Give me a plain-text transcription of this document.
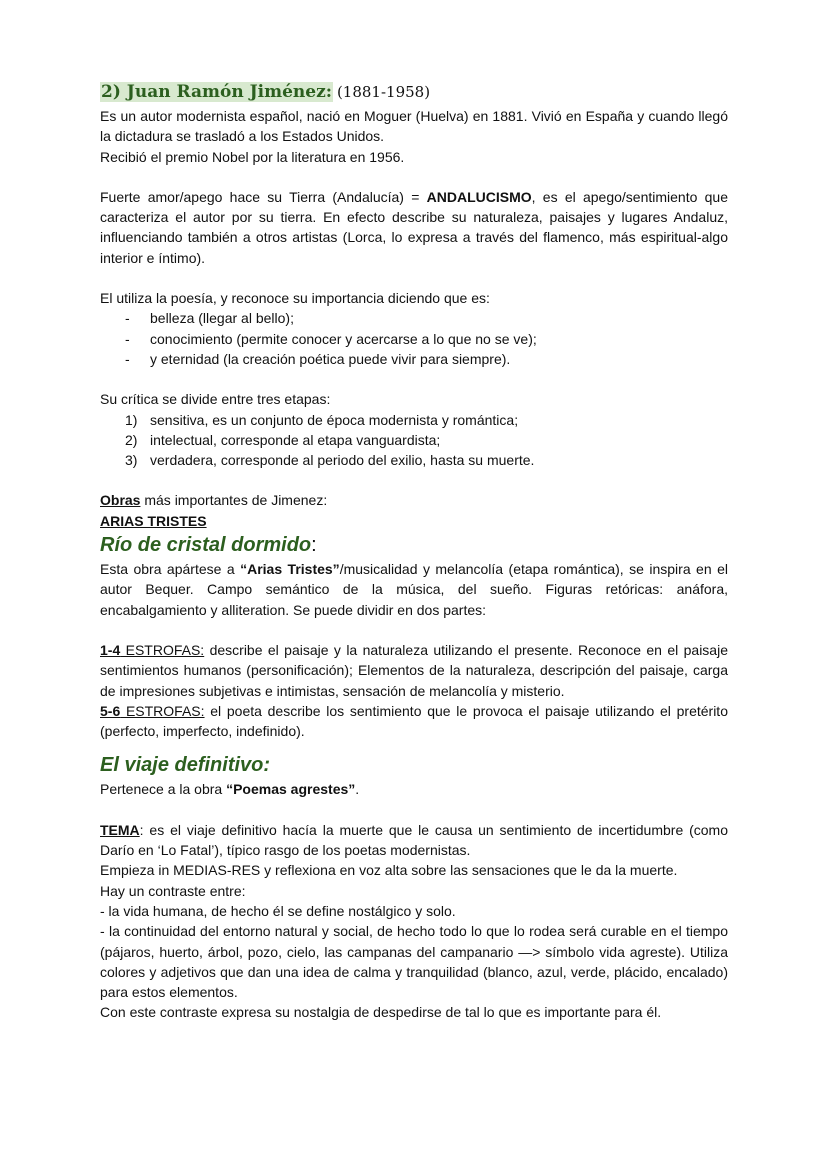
2) Juan Ramón Jiménez: (1881-1958)

Es un autor modernista español, nació en Moguer (Huelva) en 1881. Vivió en España y cuando llegó la dictadura se trasladó a los Estados Unidos.

Recibió el premio Nobel por la literatura en 1956.

Fuerte amor/apego hace su Tierra (Andalucía) = ANDALUCISMO, es el apego/sentimiento que caracteriza el autor por su tierra. En efecto describe su naturaleza, paisajes y lugares Andaluz, influenciando también a otros artistas (Lorca, lo expresa a través del flamenco, más espiritual-algo interior e íntimo).

El utiliza la poesía, y reconoce su importancia diciendo que es:

- belleza (llegar al bello);
- conocimiento (permite conocer y acercarse a lo que no se ve);
- y eternidad (la creación poética puede vivir para siempre).

Su crítica se divide entre tres etapas:

1) sensitiva, es un conjunto de época modernista y romántica;
2) intelectual, corresponde al etapa vanguardista;
3) verdadera, corresponde al periodo del exilio, hasta su muerte.

Obras más importantes de Jimenez:

ARIAS TRISTES

Río de cristal dormido:

Esta obra apártese a “Arias Tristes”/musicalidad y melancolía (etapa romántica), se inspira en el autor Bequer. Campo semántico de la música, del sueño. Figuras retóricas: anáfora, encabalgamiento y alliteration. Se puede dividir en dos partes:

1-4 ESTROFAS: describe el paisaje y la naturaleza utilizando el presente. Reconoce en el paisaje sentimientos humanos (personificación); Elementos de la naturaleza, descripción del paisaje, carga de impresiones subjetivas e intimistas, sensación de melancolía y misterio.

5-6 ESTROFAS: el poeta describe los sentimiento que le provoca el paisaje utilizando el pretérito (perfecto, imperfecto, indefinido).

El viaje definitivo:

Pertenece a la obra “Poemas agrestes”.

TEMA: es el viaje definitivo hacía la muerte que le causa un sentimiento de incertidumbre (como Darío en ‘Lo Fatal’), típico rasgo de los poetas modernistas.

Empieza in MEDIAS-RES y reflexiona en voz alta sobre las sensaciones que le da la muerte.

Hay un contraste entre:

- la vida humana, de hecho él se define nostálgico y solo.

- la continuidad del entorno natural y social, de hecho todo lo que lo rodea será curable en el tiempo (pájaros, huerto, árbol, pozo, cielo, las campanas del campanario —> símbolo vida agreste). Utiliza colores y adjetivos que dan una idea de calma y tranquilidad (blanco, azul, verde, plácido, encalado) para estos elementos.

Con este contraste expresa su nostalgia de despedirse de tal lo que es importante para él.
